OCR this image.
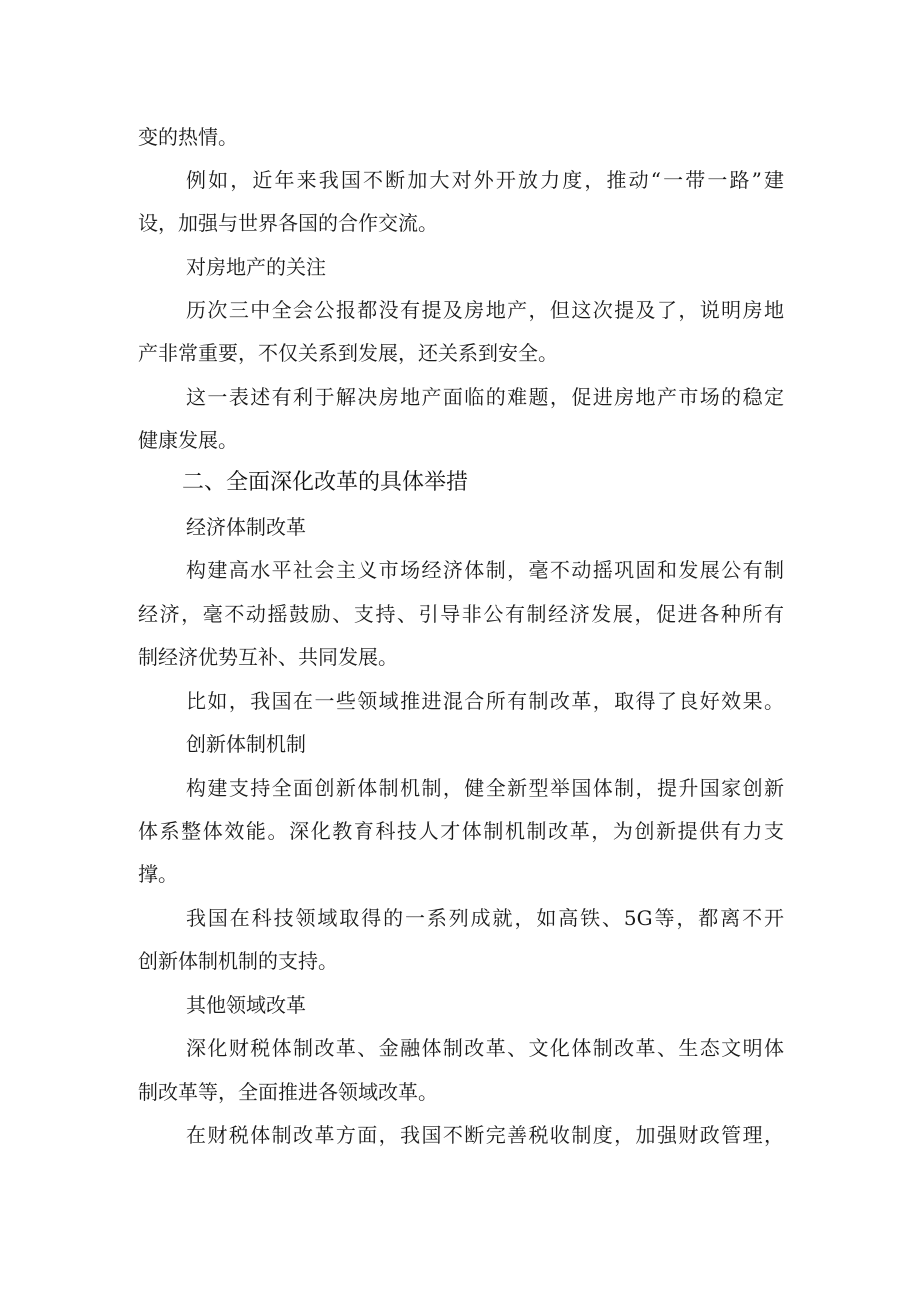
变的热情。
例如，近年来我国不断加大对外开放力度，推动“一带一路”建
设，加强与世界各国的合作交流。
对房地产的关注
历次三中全会公报都没有提及房地产，但这次提及了，说明房地
产非常重要，不仅关系到发展，还关系到安全。
这一表述有利于解决房地产面临的难题，促进房地产市场的稳定
健康发展。
二、全面深化改革的具体举措
经济体制改革
构建高水平社会主义市场经济体制，毫不动摇巩固和发展公有制
经济，毫不动摇鼓励、支持、引导非公有制经济发展，促进各种所有
制经济优势互补、共同发展。
比如，我国在一些领域推进混合所有制改革，取得了良好效果。
创新体制机制
构建支持全面创新体制机制，健全新型举国体制，提升国家创新
体系整体效能。深化教育科技人才体制机制改革，为创新提供有力支
撑。
我国在科技领域取得的一系列成就，如高铁、5G等，都离不开
创新体制机制的支持。
其他领域改革
深化财税体制改革、金融体制改革、文化体制改革、生态文明体
制改革等，全面推进各领域改革。
在财税体制改革方面，我国不断完善税收制度，加强财政管理，
